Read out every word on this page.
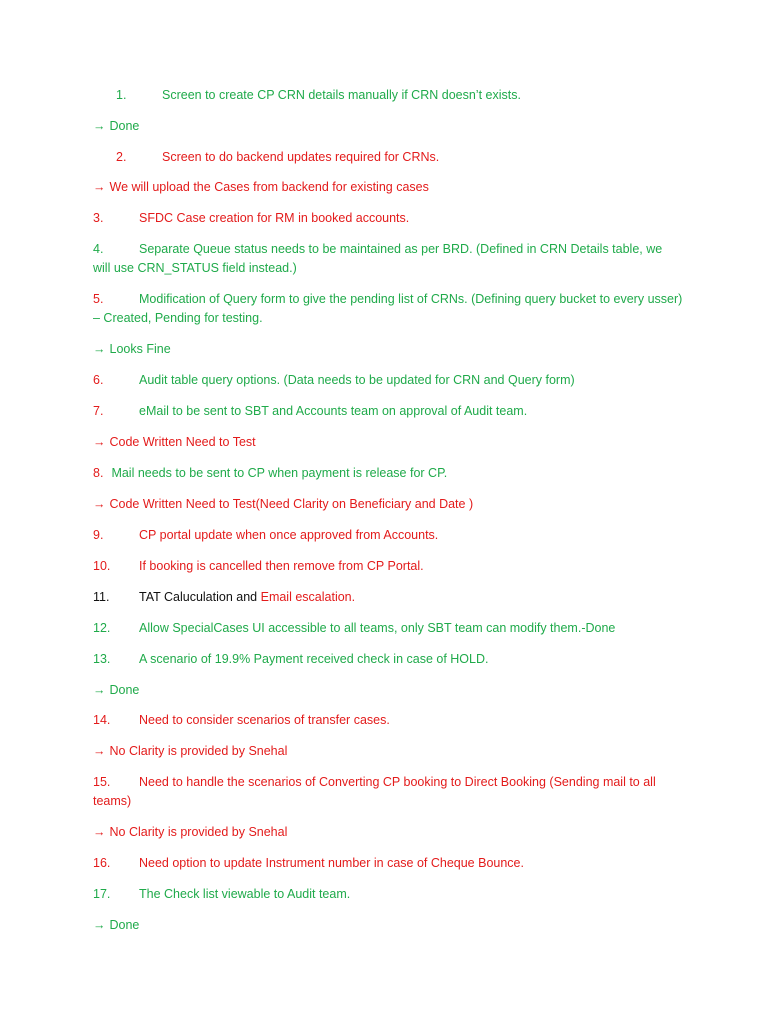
1.	Screen to create CP CRN details manually if CRN doesn’t exists.
→ Done
2.	Screen to do backend updates required for CRNs.
→ We will upload the Cases from backend for existing cases
3.	SFDC Case creation for RM in booked accounts.
4.	Separate Queue status needs to be maintained as per BRD. (Defined in CRN Details table, we will use CRN_STATUS field instead.)
5.	Modification of Query form to give the pending list of CRNs. (Defining query bucket to every usser) – Created, Pending for testing.
→ Looks Fine
6.	Audit table query options. (Data needs to be updated for CRN and Query form)
7.	eMail to be sent to SBT and Accounts team on approval of Audit team.
→ Code Written Need to Test
8. Mail needs to be sent to CP when payment is release for CP.
→ Code Written Need to Test(Need Clarity on Beneficiary and Date )
9.	CP portal update when once approved from Accounts.
10. If booking is cancelled then remove from CP Portal.
11. TAT Caluculation and Email escalation.
12. Allow SpecialCases UI accessible to all teams, only SBT team can modify them.-Done
13. A scenario of 19.9% Payment received check in case of HOLD.
→ Done
14. Need to consider scenarios of transfer cases.
→ No Clarity is provided by Snehal
15. Need to handle the scenarios of Converting CP booking to Direct Booking (Sending mail to all teams)
→ No Clarity is provided by Snehal
16. Need option to update Instrument number in case of Cheque Bounce.
17. The Check list viewable to Audit team.
→ Done
